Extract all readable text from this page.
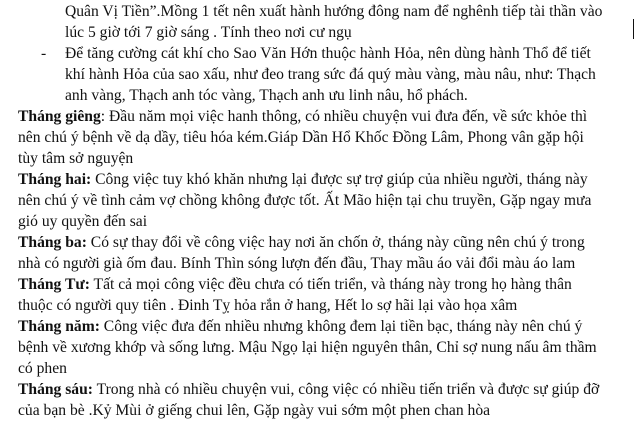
Quân Vị Tiền”.Mồng 1 tết nên xuất hành hướng đông nam để nghênh tiếp tài thần vào
lúc 5 giờ tới 7 giờ sáng . Tính theo nơi cư ngụ
- Để tăng cường cát khí cho Sao Văn Hớn thuộc hành Hỏa, nên dùng hành Thổ để tiết
khí hành Hỏa của sao xấu, như đeo trang sức đá quý màu vàng, màu nâu, như: Thạch
anh vàng, Thạch anh tóc vàng, Thạch anh ưu linh nâu, hổ phách.
Tháng giêng: Đầu năm mọi việc hanh thông, có nhiều chuyện vui đưa đến, về sức khỏe thì
nên chú ý bệnh về dạ dầy, tiêu hóa kém.Giáp Dần Hổ Khốc Đồng Lâm, Phong vân gặp hội
tùy tâm sở nguyện
Tháng hai: Công việc tuy khó khăn nhưng lại được sự trợ giúp của nhiều người, tháng này
nên chú ý về tình cảm vợ chồng không được tốt. Ất Mão hiện tại chu truyền, Gặp ngay mưa
gió uy quyền đến sai
Tháng ba: Có sự thay đổi về công việc hay nơi ăn chốn ở, tháng này cũng nên chú ý trong
nhà có người già ốm đau. Bính Thìn sóng lượn đến đầu, Thay mầu áo vải đổi màu áo lam
Tháng Tư: Tất cả mọi công việc đều chưa có tiến triển, và tháng này trong họ hàng thân
thuộc có người quy tiên . Đinh Tỵ hỏa rắn ở hang, Hết lo sợ hãi lại vào họa xâm
Tháng năm: Công việc đưa đến nhiều nhưng không đem lại tiền bạc, tháng này nên chú ý
bệnh về xương khớp và sống lưng. Mậu Ngọ lại hiện nguyên thân, Chỉ sợ nung nấu âm thầm
có phen
Tháng sáu: Trong nhà có nhiều chuyện vui, công việc có nhiều tiến triển và được sự giúp đỡ
của bạn bè .Kỷ Mùi ở giếng chui lên, Gặp ngày vui sớm một phen chan hòa
